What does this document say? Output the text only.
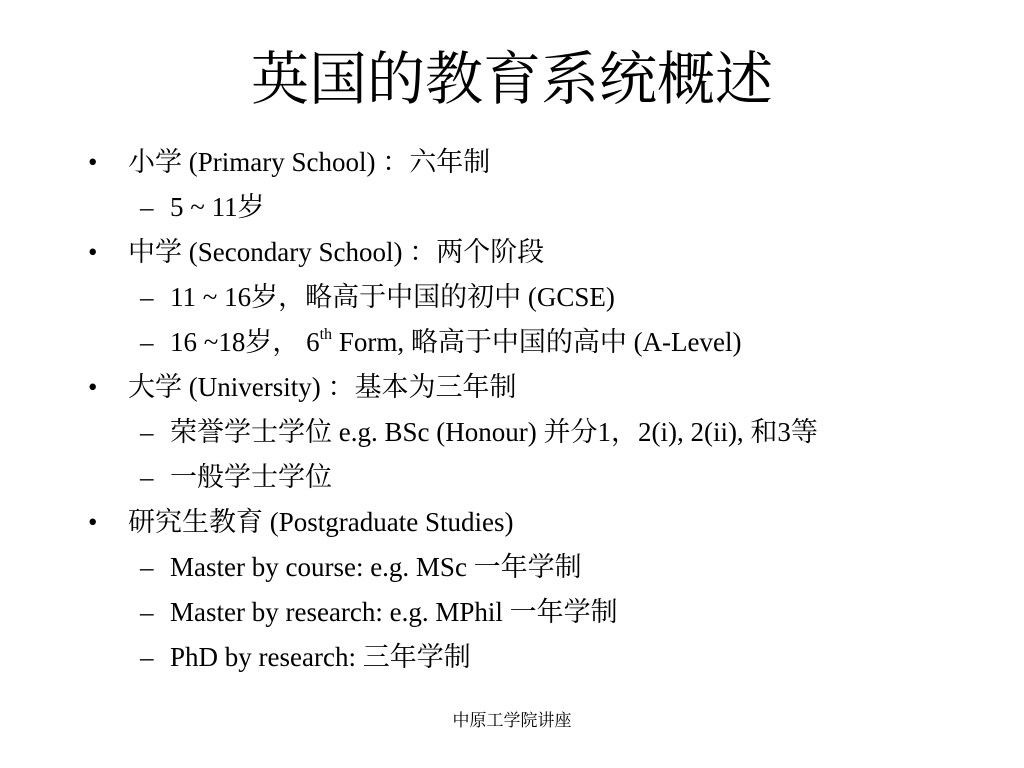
英国的教育系统概述
• 小学 (Primary School) ：六年制
– 5 ~ 11岁
• 中学 (Secondary School) ：两个阶段
– 11 ~ 16岁，略高于中国的初中 (GCSE)
– 16 ~18岁， 6th Form, 略高于中国的高中 (A-Level)
• 大学 (University) ：基本为三年制
– 荣誉学士学位 e.g. BSc (Honour) 并分1，2(i), 2(ii), 和3等
– 一般学士学位
• 研究生教育 (Postgraduate Studies)
– Master by course: e.g. MSc 一年学制
– Master by research: e.g. MPhil 一年学制
– PhD by research: 三年学制
中原工学院讲座
